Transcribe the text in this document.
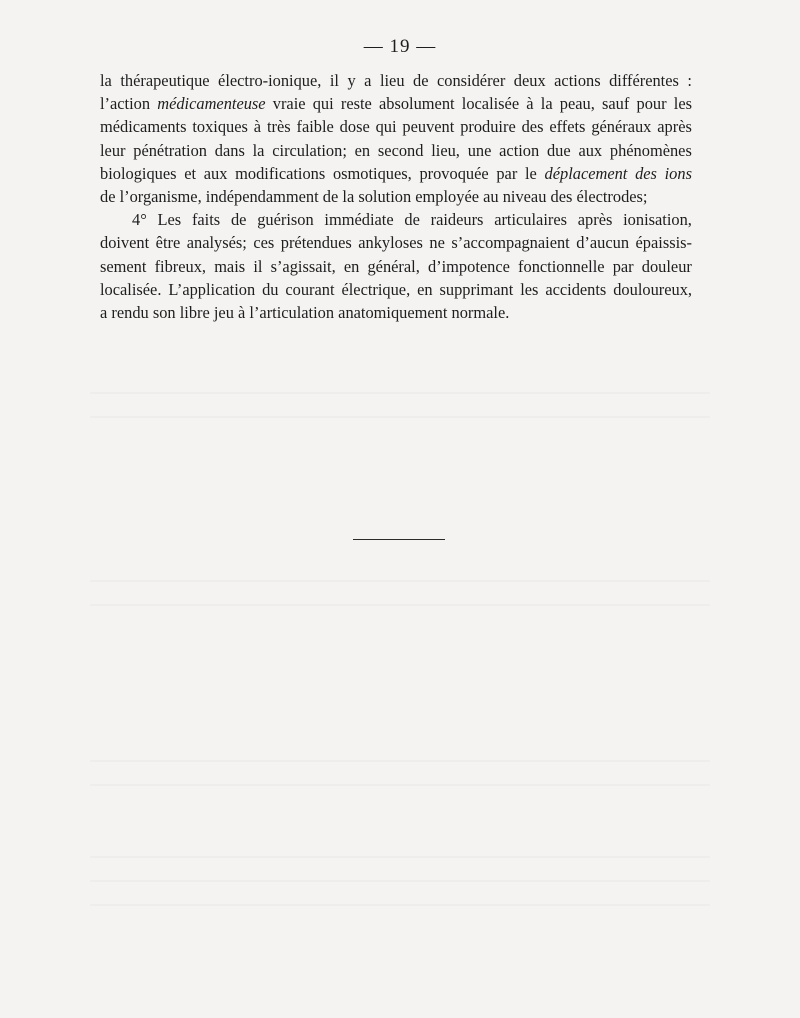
— 19 —
la thérapeutique électro-ionique, il y a lieu de considérer deux actions différentes :
l’action médicamenteuse vraie qui reste absolument localisée à la peau, sauf pour les
médicaments toxiques à très faible dose qui peuvent produire des effets généraux après
leur pénétration dans la circulation; en second lieu, une action due aux phénomènes
biologiques et aux modifications osmotiques, provoquée par le déplacement des ions
de
l’organisme,
indépendamment
de
la
solution
employée
au
niveau
des
électrodes;

4° Les faits de guérison immédiate de raideurs articulaires après ionisation,
doivent être analysés; ces prétendues ankyloses ne s’accompagnaient d’aucun épaissis-
sement fibreux, mais il s’agissait, en général, d’impotence fonctionnelle par douleur
localisée. L’application du courant électrique, en supprimant les accidents douloureux,
a
rendu
son
libre
jeu
à
l’articulation
anatomiquement
normale.
